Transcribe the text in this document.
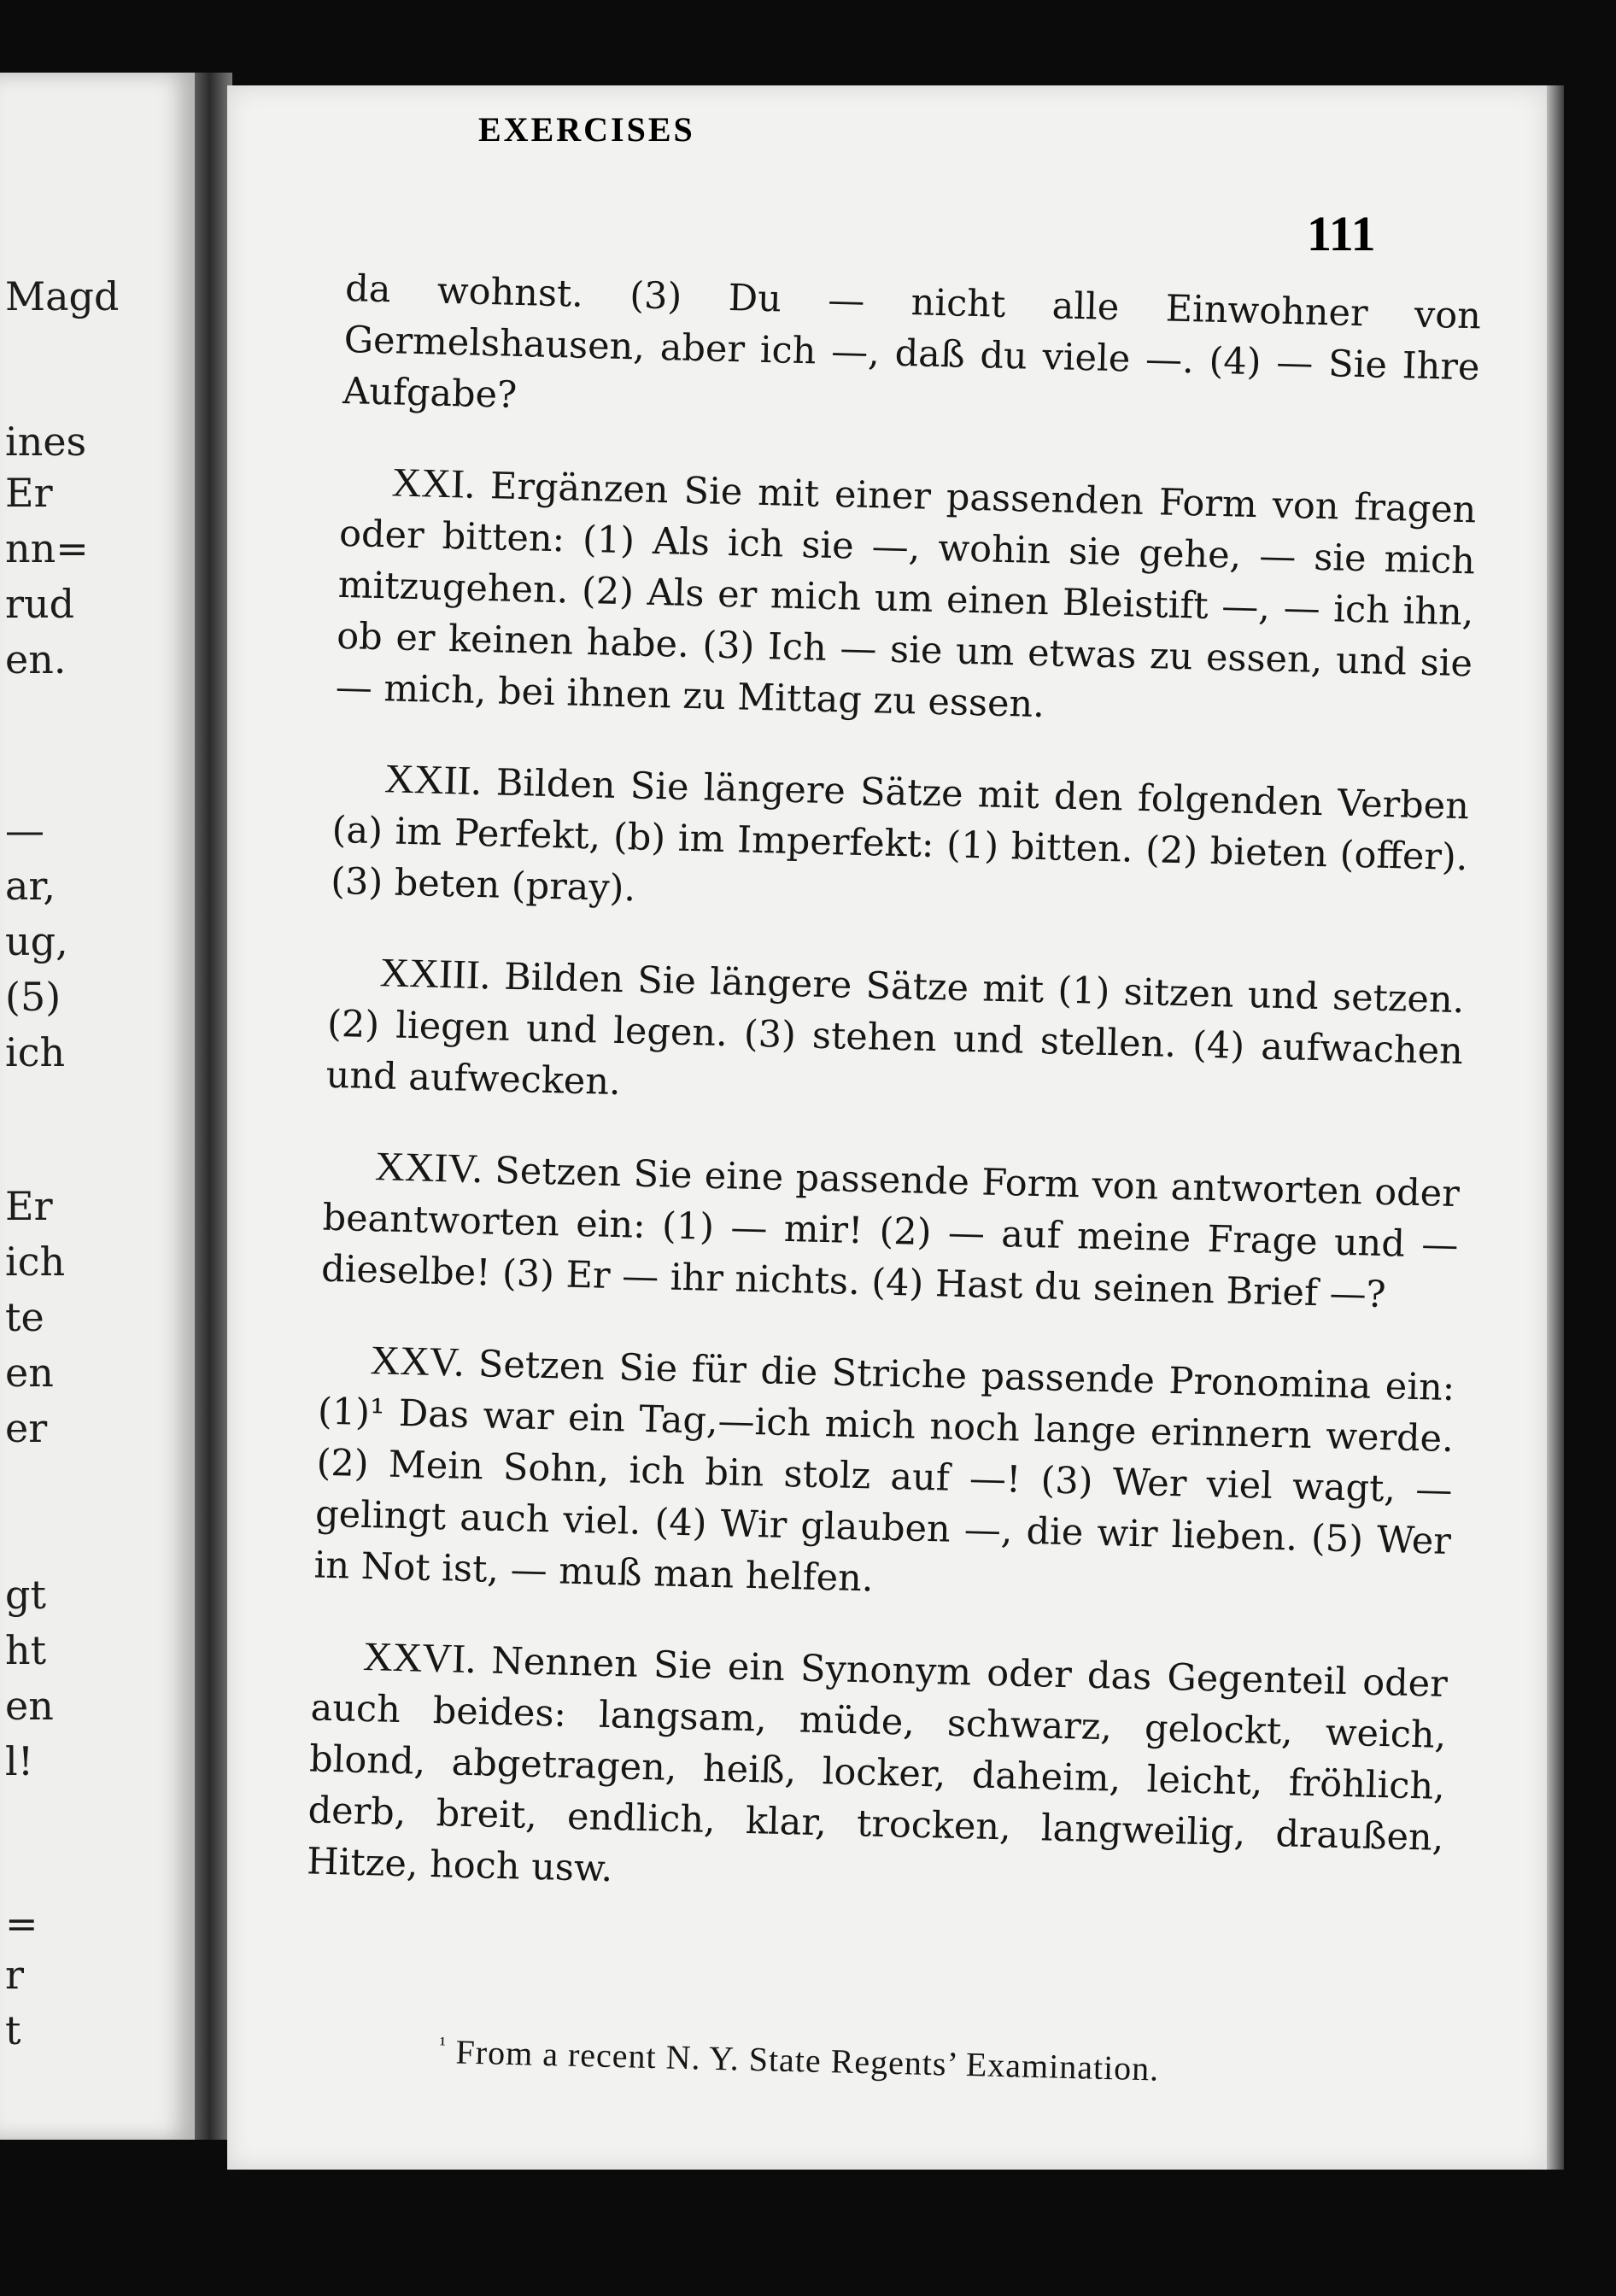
Magd
ines
Er
nn=
rud
en.
—
ar,
ug,
(5)
ich
Er
ich
te
en
er
gt
ht
en
l!
=
r
t
EXERCISES
111

da wohnst. (3) Du — nicht alle Einwohner von Germelshausen, aber ich —, daß du viele —. (4) — Sie Ihre Aufgabe?

XXI. Ergänzen Sie mit einer passenden Form von fragen oder bitten: (1) Als ich sie —, wohin sie gehe, — sie mich mitzugehen. (2) Als er mich um einen Bleistift —, — ich ihn, ob er keinen habe. (3) Ich — sie um etwas zu essen, und sie — mich, bei ihnen zu Mittag zu essen.

XXII. Bilden Sie längere Sätze mit den folgenden Verben (a) im Perfekt, (b) im Imperfekt: (1) bitten. (2) bieten (offer). (3) beten (pray).

XXIII. Bilden Sie längere Sätze mit (1) sitzen und setzen. (2) liegen und legen. (3) stehen und stellen. (4) aufwachen und aufwecken.

XXIV. Setzen Sie eine passende Form von antworten oder beantworten ein: (1) — mir! (2) — auf meine Frage und — dieselbe! (3) Er — ihr nichts. (4) Hast du seinen Brief —?

XXV. Setzen Sie für die Striche passende Pronomina ein: (1)¹ Das war ein Tag,—ich mich noch lange erinnern werde. (2) Mein Sohn, ich bin stolz auf —! (3) Wer viel wagt, — gelingt auch viel. (4) Wir glauben —, die wir lieben. (5) Wer in Not ist, — muß man helfen.

XXVI. Nennen Sie ein Synonym oder das Gegenteil oder auch beides: langsam, müde, schwarz, gelockt, weich, blond, abgetragen, heiß, locker, daheim, leicht, fröhlich, derb, breit, endlich, klar, trocken, langweilig, draußen, Hitze, hoch usw.

$^{^1}$ From a recent N. Y. State Regents’ Examination.
